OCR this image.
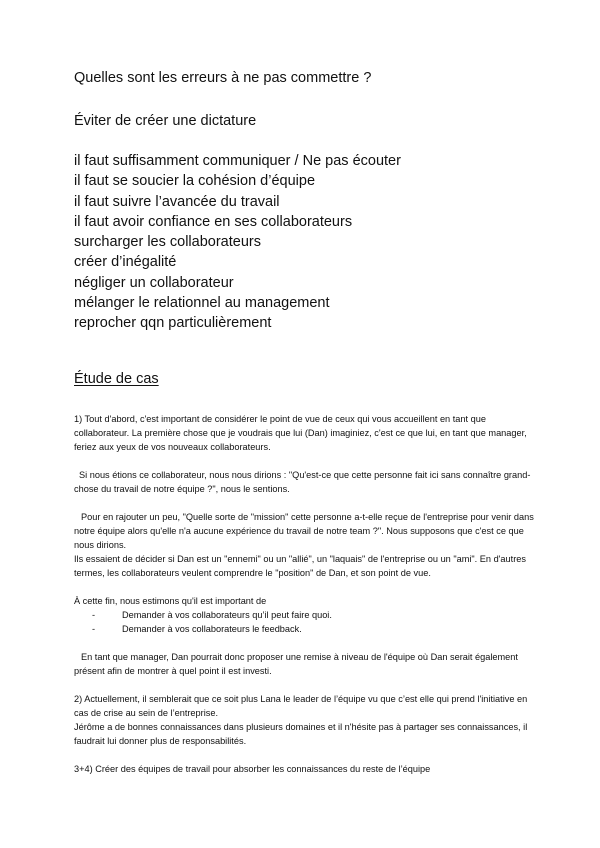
Quelles sont les erreurs à ne pas commettre ?
Éviter de créer une dictature
il faut suffisamment communiquer / Ne pas écouter
il faut se soucier la cohésion d’équipe
il faut suivre l’avancée du travail
il faut avoir confiance en ses collaborateurs
surcharger les collaborateurs
créer d’inégalité
négliger un collaborateur
mélanger le relationnel au management
reprocher qqn particulièrement
Étude de cas

1) Tout d'abord, c'est important de considérer le point de vue de ceux qui vous accueillent en tant que collaborateur. La première chose que je voudrais que lui (Dan) imaginiez, c'est ce que lui, en tant que manager, feriez aux yeux de vos nouveaux collaborateurs.

Si nous étions ce collaborateur, nous nous dirions : "Qu'est-ce que cette personne fait ici sans connaître grand-chose du travail de notre équipe ?", nous le sentions.

Pour en rajouter un peu, "Quelle sorte de "mission" cette personne a-t-elle reçue de l'entreprise pour venir dans notre équipe alors qu'elle n'a aucune expérience du travail de notre team ?". Nous supposons que c'est ce que nous dirions.

Ils essaient de décider si Dan est un "ennemi" ou un "allié", un "laquais" de l'entreprise ou un "ami". En d'autres termes, les collaborateurs veulent comprendre le "position" de Dan, et son point de vue.

À cette fin, nous estimons qu'il est important de

-	Demander à vos collaborateurs qu’il peut faire quoi.
-	Demander à vos collaborateurs le feedback.

En tant que manager, Dan pourrait donc proposer une remise à niveau de l'équipe où Dan serait également présent afin de montrer à quel point il est investi.

2) Actuellement, il semblerait que ce soit plus Lana le leader de l’équipe vu que c’est elle qui prend l'initiative en cas de crise au sein de l’entreprise.

Jérôme a de bonnes connaissances dans plusieurs domaines et il n'hésite pas à partager ses connaissances, il faudrait lui donner plus de responsabilités.

3+4) Créer des équipes de travail pour absorber les connaissances du reste de l’équipe
